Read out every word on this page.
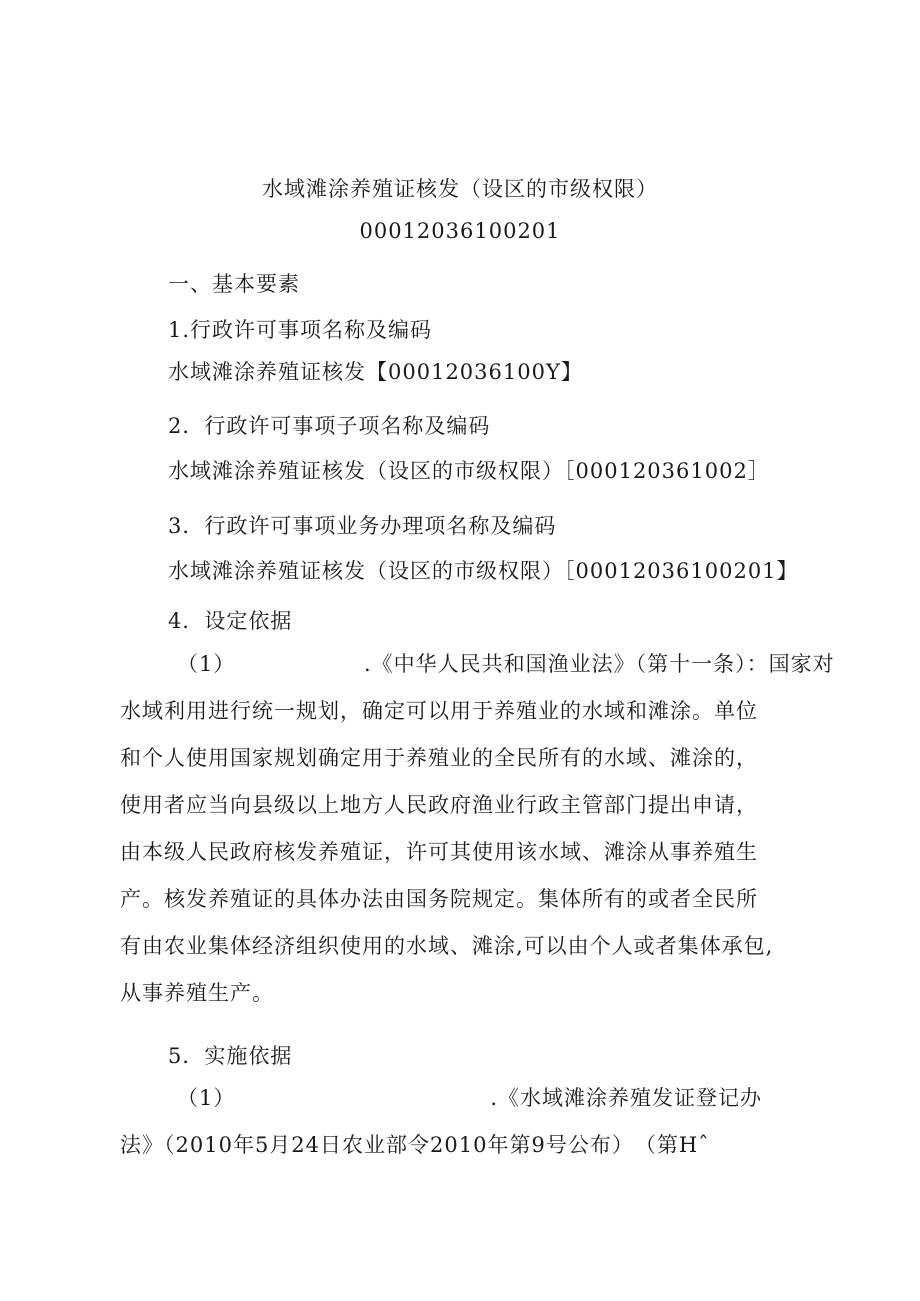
水域滩涂养殖证核发（设区的市级权限）
00012036100201
一、基本要素
1.行政许可事项名称及编码
水域滩涂养殖证核发【00012036100Y】
2．行政许可事项子项名称及编码
水域滩涂养殖证核发（设区的市级权限）［000120361002］
3．行政许可事项业务办理项名称及编码
水域滩涂养殖证核发（设区的市级权限）［00012036100201】
4．设定依据
（1）	.《中华人民共和国渔业法》（第十一条）：国家对
水域利用进行统一规划，确定可以用于养殖业的水域和滩涂。单位
和个人使用国家规划确定用于养殖业的全民所有的水域、滩涂的，
使用者应当向县级以上地方人民政府渔业行政主管部门提出申请，
由本级人民政府核发养殖证，许可其使用该水域、滩涂从事养殖生
产。核发养殖证的具体办法由国务院规定。集体所有的或者全民所
有由农业集体经济组织使用的水域、滩涂,可以由个人或者集体承包,
从事养殖生产。
5．实施依据
（1）	.《水域滩涂养殖发证登记办
法》（2010年5月24日农业部令2010年第9号公布）　（第Hˆ
